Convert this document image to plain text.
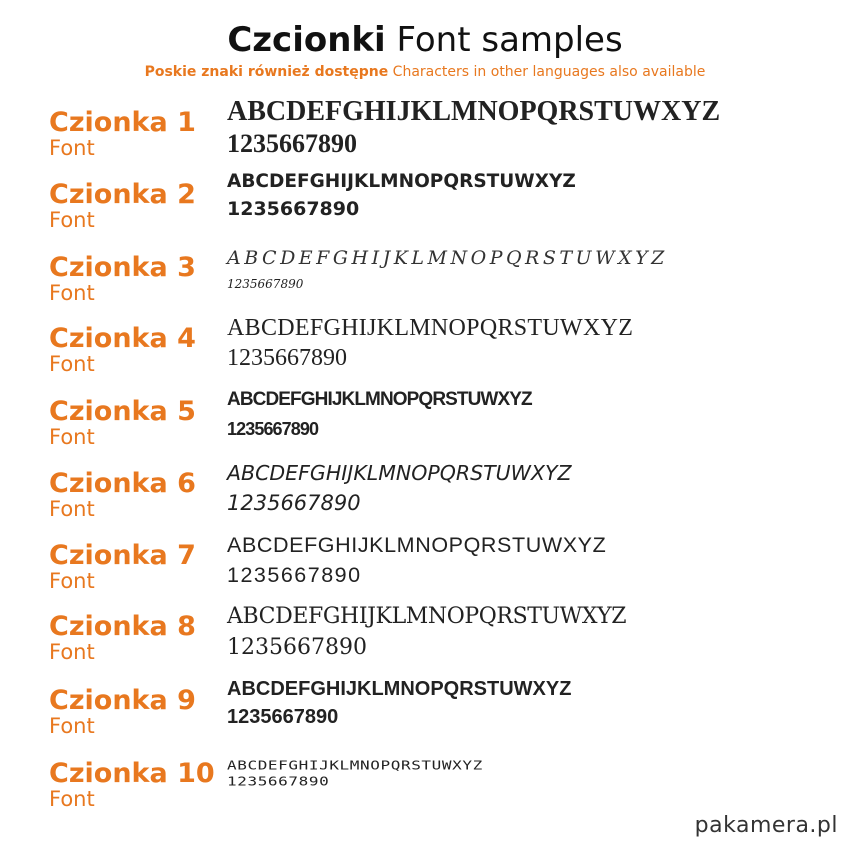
Czcionki Font samples
Poskie znaki również dostępne Characters in other languages also available
Czionka 1
Font
ABCDEFGHIJKLMNOPQRSTUWXYZ
1235667890
Czionka 2
Font
ABCDEFGHIJKLMNOPQRSTUWXYZ
1235667890
Czionka 3
Font
ABCDEFGHIJKLMNOPQRSTUWXYZ
1235667890
Czionka 4
Font
ABCDEFGHIJKLMNOPQRSTUWXYZ
1235667890
Czionka 5
Font
ABCDEFGHIJKLMNOPQRSTUWXYZ
1235667890
Czionka 6
Font
ABCDEFGHIJKLMNOPQRSTUWXYZ
1235667890
Czionka 7
Font
ABCDEFGHIJKLMNOPQRSTUWXYZ
1235667890
Czionka 8
Font
ABCDEFGHIJKLMNOPQRSTUWXYZ
1235667890
Czionka 9
Font
ABCDEFGHIJKLMNOPQRSTUWXYZ
1235667890
Czionka 10
Font
ABCDEFGHIJKLMNOPQRSTUWXYZ
1235667890
pakamera.pl
